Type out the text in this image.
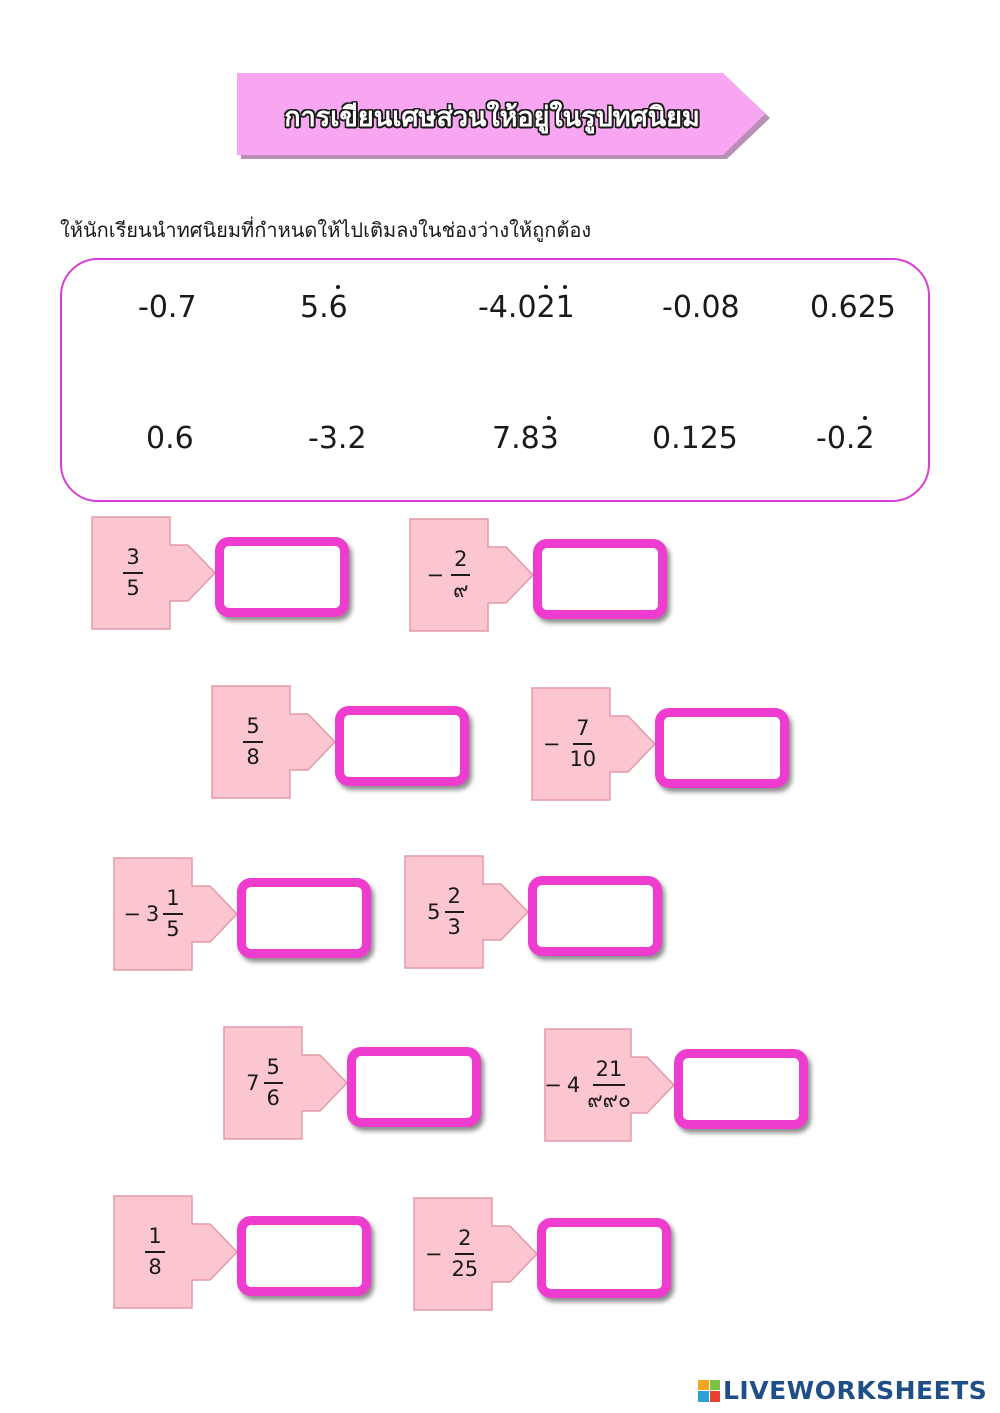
การเขียนเศษส่วนให้อยู่ในรูปทศนิยม
ให้นักเรียนนำทศนิยมที่กำหนดให้ไปเติมลงในช่องว่างให้ถูกต้อง
-0.7	5.6	-4.021	-0.08 0.625
0.6	-3.2	7.83	0.125	-0.2
$\frac{3}{5}$	− $\frac{2}{๙}$
$\frac{5}{8}$	− $\frac{7}{10}$
− $3 \frac{1}{5}$	$5 \frac{2}{3}$
$7 \frac{5}{6}$	− $4 \frac{21}{๙๙๐}$
$\frac{1}{8}$	− $\frac{2}{25}$
LIVEWORKSHEETS
